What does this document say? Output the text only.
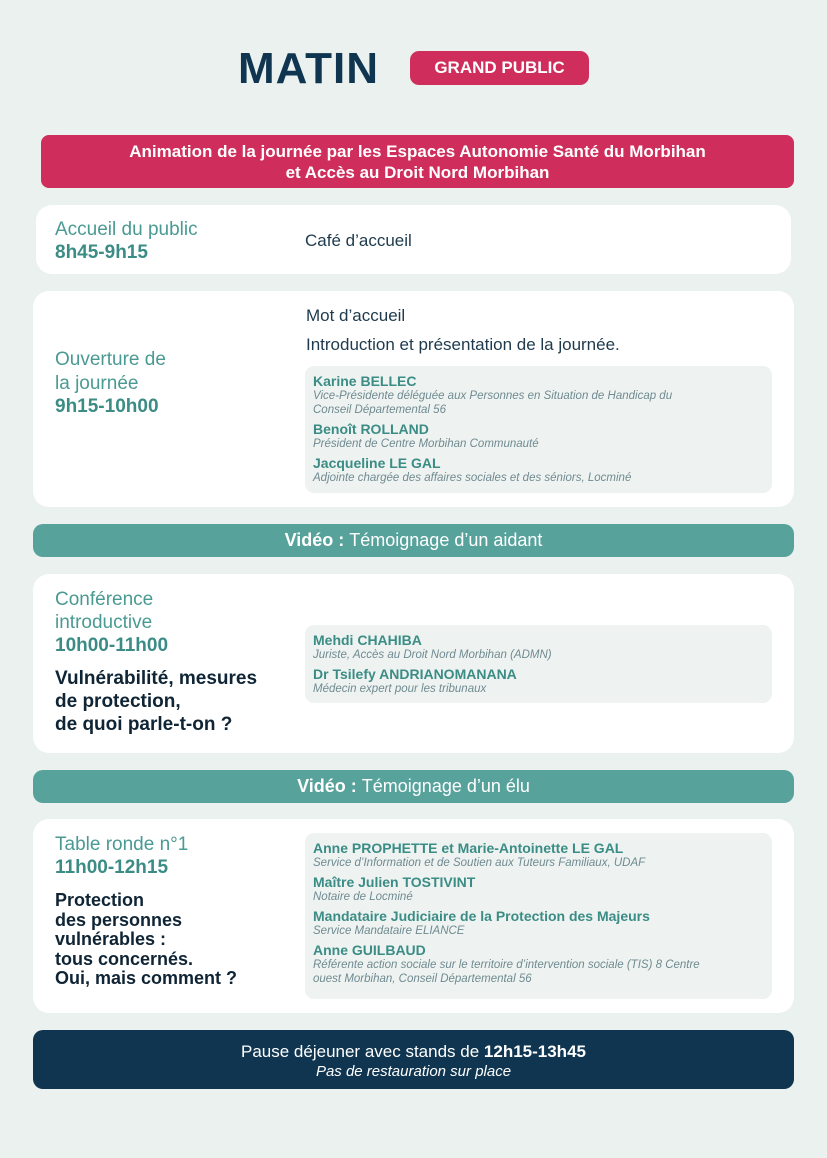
MATIN	GRAND PUBLIC
Animation de la journée par les Espaces Autonomie Santé du Morbihan
et Accès au Droit Nord Morbihan
Accueil du public
8h45-9h15
Café d’accueil
Ouverture de
la journée
9h15-10h00
Mot d’accueil
Introduction et présentation de la journée.
Karine BELLEC
Vice-Présidente déléguée aux Personnes en Situation de Handicap du
Conseil Départemental 56
Benoît ROLLAND
Président de Centre Morbihan Communauté
Jacqueline LE GAL
Adjointe chargée des affaires sociales et des séniors, Locminé
Vidéo : Témoignage d’un aidant
Conférence
introductive
10h00-11h00
Vulnérabilité, mesures
de protection,
de quoi parle-t-on ?
Mehdi CHAHIBA
Juriste, Accès au Droit Nord Morbihan (ADMN)
Dr Tsilefy ANDRIANOMANANA
Médecin expert pour les tribunaux
Vidéo : Témoignage d’un élu
Table ronde n°1
11h00-12h15
Protection
des personnes
vulnérables :
tous concernés.
Oui, mais comment ?
Anne PROPHETTE et Marie-Antoinette LE GAL
Service d’Information et de Soutien aux Tuteurs Familiaux, UDAF
Maître Julien TOSTIVINT
Notaire de Locminé
Mandataire Judiciaire de la Protection des Majeurs
Service Mandataire ELIANCE
Anne GUILBAUD
Référente action sociale sur le territoire d’intervention sociale (TIS) 8 Centre
ouest Morbihan, Conseil Départemental 56
Pause déjeuner avec stands de 12h15-13h45
Pas de restauration sur place
